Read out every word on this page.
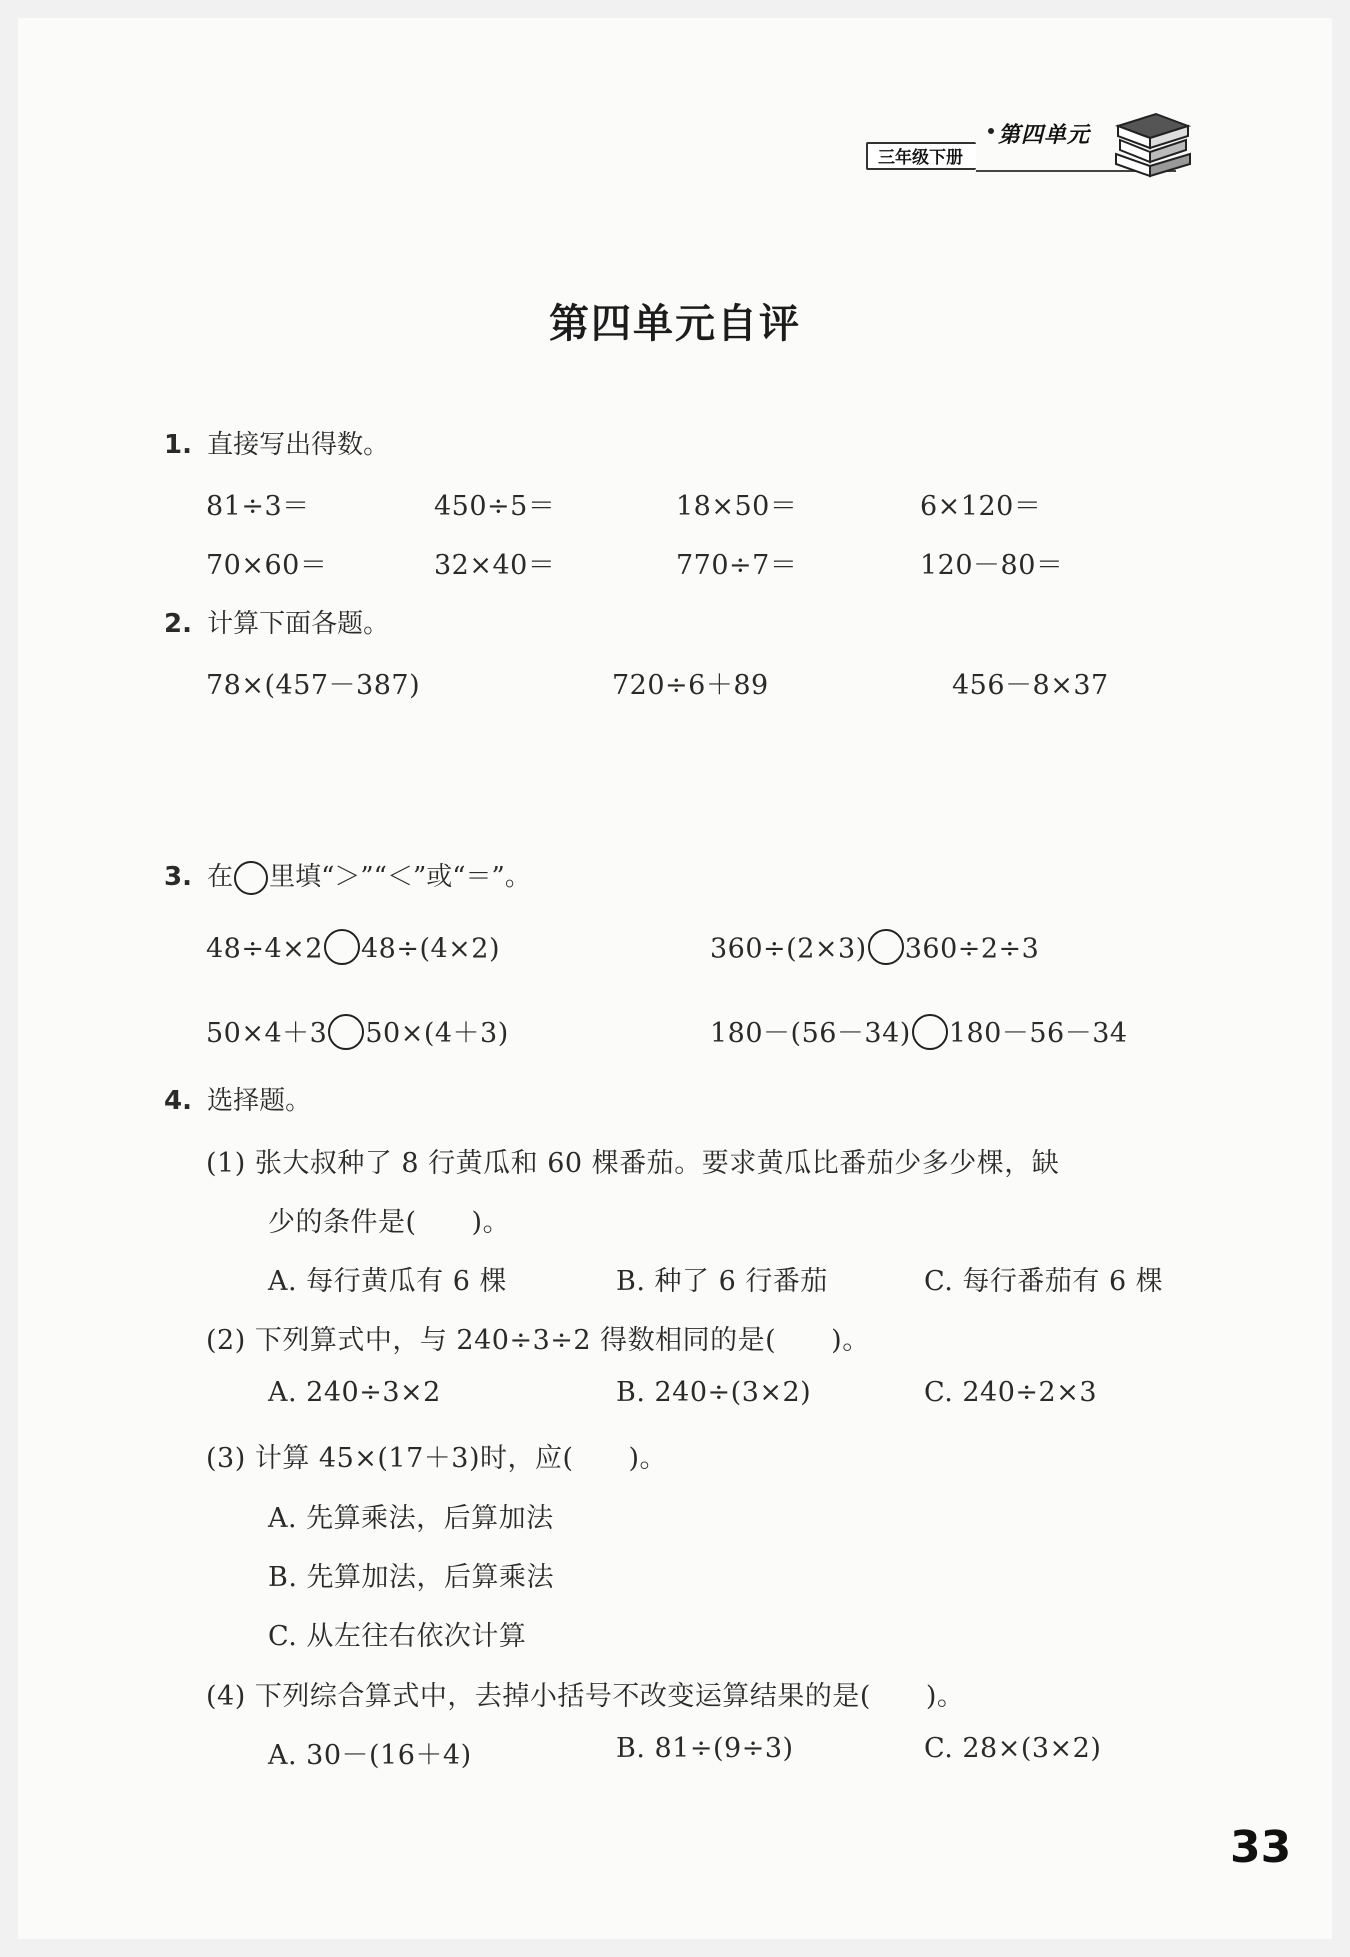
三年级下册
第四单元
第四单元自评
1. 直接写出得数。
81÷3＝	450÷5＝	18×50＝	6×120＝
70×60＝	32×40＝	770÷7＝	120－80＝
2. 计算下面各题。
78×(457－387)	720÷6＋89	456－8×37
3. 在 里填“＞”“＜”或“＝”。
48÷4×2 48÷(4×2)	360÷(2×3) 360÷2÷3
50×4＋3 50×(4＋3)	180－(56－34) 180－56－34
4. 选择题。
(1) 张大叔种了 8 行黄瓜和 60 棵番茄。要求黄瓜比番茄少多少棵，缺
少的条件是(　　)。
A. 每行黄瓜有 6 棵	B. 种了 6 行番茄	C. 每行番茄有 6 棵
(2) 下列算式中，与 240÷3÷2 得数相同的是(　　)。
A. 240÷3×2	B. 240÷(3×2)	C. 240÷2×3
(3) 计算 45×(17＋3)时，应(　　)。
A. 先算乘法，后算加法
B. 先算加法，后算乘法
C. 从左往右依次计算
(4) 下列综合算式中，去掉小括号不改变运算结果的是(　　)。
A. 30－(16＋4)	B. 81÷(9÷3)	C. 28×(3×2)
33
